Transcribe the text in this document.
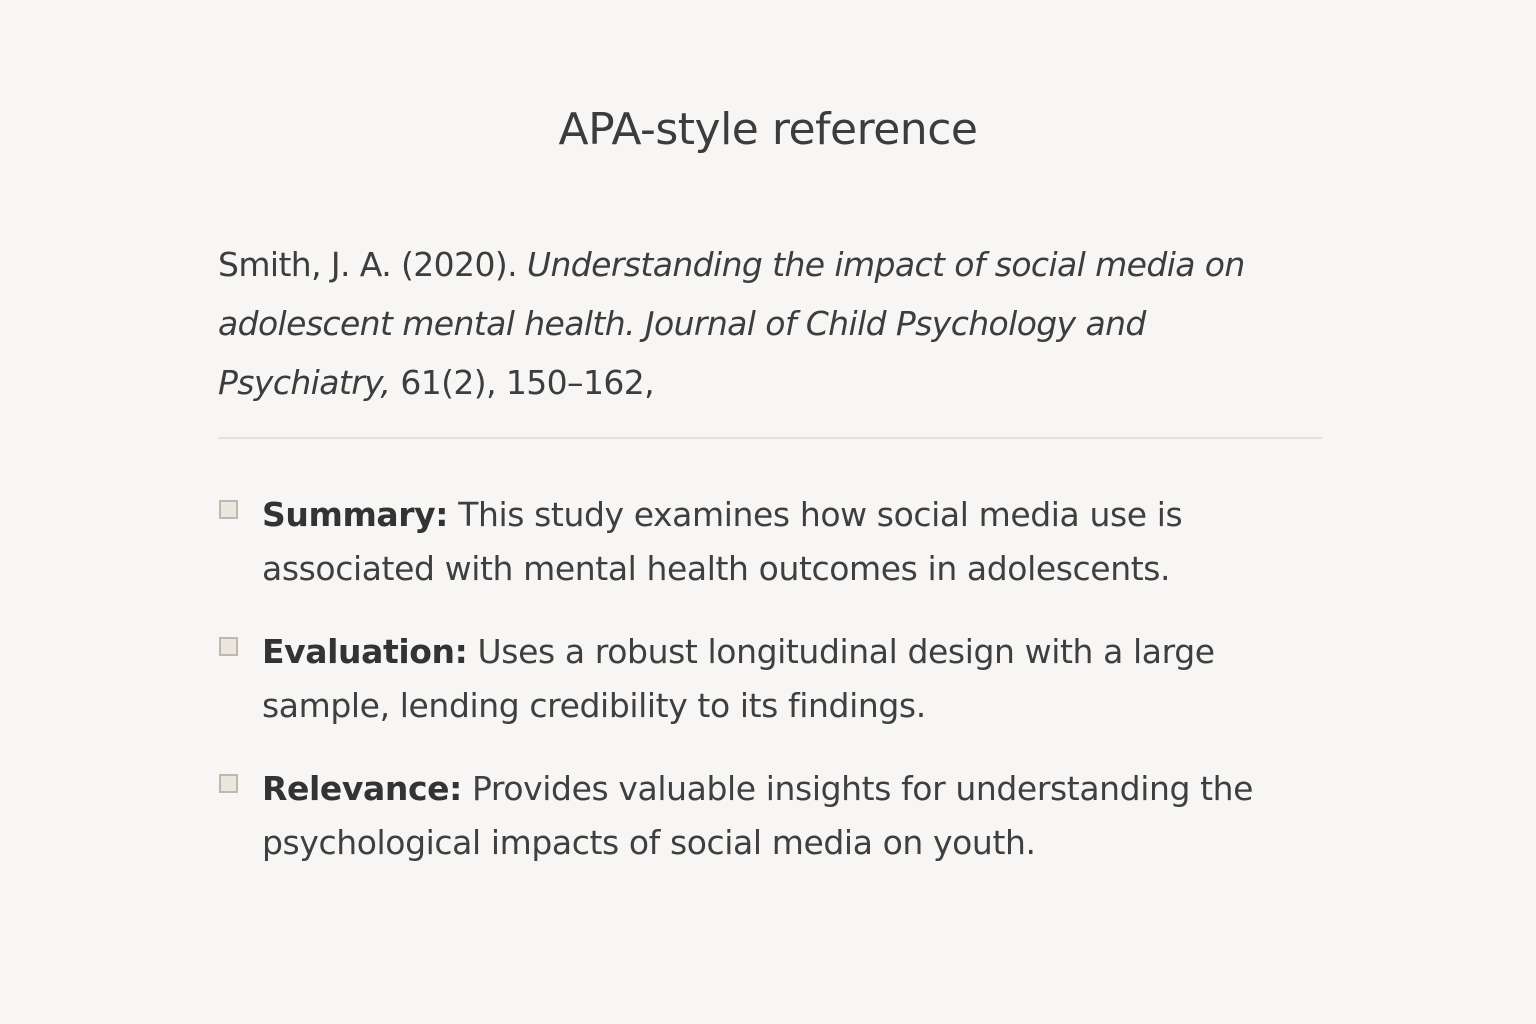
APA-style reference
Smith, J. A. (2020). Understanding the impact of social media on adolescent mental health. Journal of Child Psychology and Psychiatry, 61(2), 150–162,
Summary: This study examines how social media use is associated with mental health outcomes in adolescents.
Evaluation: Uses a robust longitudinal design with a large sample, lending credibility to its findings.
Relevance: Provides valuable insights for understanding the psychological impacts of social media on youth.
